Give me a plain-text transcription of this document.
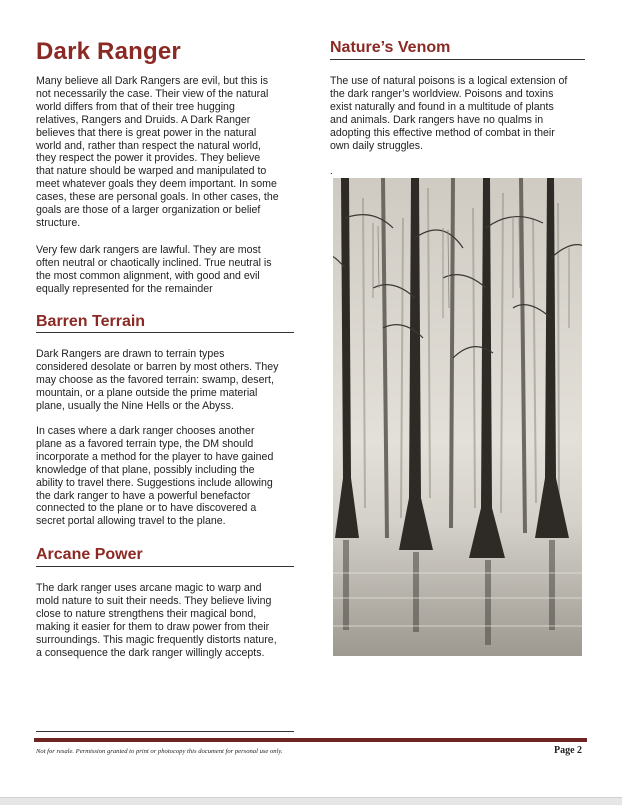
Dark Ranger

Many believe all Dark Rangers are evil, but this is
not necessarily the case. Their view of the natural
world differs from that of their tree hugging
relatives, Rangers and Druids. A Dark Ranger
believes that there is great power in the natural
world and, rather than respect the natural world,
they respect the power it provides. They believe
that nature should be warped and manipulated to
meet whatever goals they deem important. In some
cases, these are personal goals. In other cases, the
goals are those of a larger organization or belief
structure.

Very few dark rangers are lawful. They are most
often neutral or chaotically inclined. True neutral is
the most common alignment, with good and evil
equally represented for the remainder

Barren Terrain

Dark Rangers are drawn to terrain types
considered desolate or barren by most others. They
may choose as the favored terrain: swamp, desert,
mountain, or a plane outside the prime material
plane, usually the Nine Hells or the Abyss.

In cases where a dark ranger chooses another
plane as a favored terrain type, the DM should
incorporate a method for the player to have gained
knowledge of that plane, possibly including the
ability to travel there. Suggestions include allowing
the dark ranger to have a powerful benefactor
connected to the plane or to have discovered a
secret portal allowing travel to the plane.

Arcane Power

The dark ranger uses arcane magic to warp and
mold nature to suit their needs. They believe living
close to nature strengthens their magical bond,
making it easier for them to draw power from their
surroundings. This magic frequently distorts nature,
a consequence the dark ranger willingly accepts.

Nature’s Venom

The use of natural poisons is a logical extension of
the dark ranger’s worldview. Poisons and toxins
exist naturally and found in a multitude of plants
and animals. Dark rangers have no qualms in
adopting this effective method of combat in their
own daily struggles.

.
Not for resale. Permission granted to print or photocopy this document for personal use only.	Page 2
